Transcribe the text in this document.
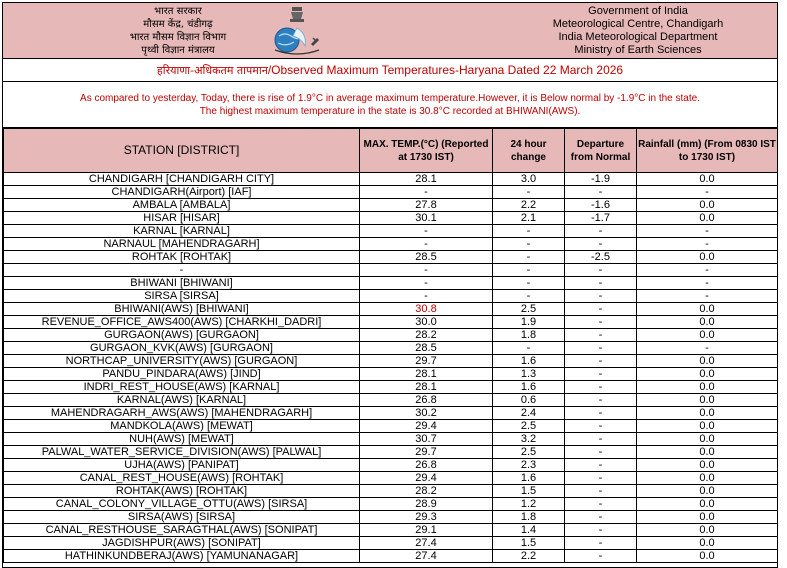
भारत सरकार
मौसम केंद्र, चंडीगढ़
भारत मौसम विज्ञान विभाग
पृथ्वी विज्ञान मंत्रालय
Government of India
Meteorological Centre, Chandigarh
India Meteorological Department
Ministry of Earth Sciences
हरियाणा-अधिकतम तापमान/Observed Maximum Temperatures-Haryana Dated 22 March 2026
As compared to yesterday, Today, there is rise of 1.9°C in average maximum temperature.However, it is Below normal by -1.9°C in the state.
The highest maximum temperature in the state is 30.8°C recorded at BHIWANI(AWS).
STATION [DISTRICT]	MAX. TEMP.(°C) (Reported at 1730 IST)	24 hour change	Departure from Normal	Rainfall (mm) (From 0830 IST to 1730 IST)
CHANDIGARH [CHANDIGARH CITY]	28.1	3.0	-1.9	0.0
CHANDIGARH(Airport) [IAF]	-	-	-	-
AMBALA [AMBALA]	27.8	2.2	-1.6	0.0
HISAR [HISAR]	30.1	2.1	-1.7	0.0
KARNAL [KARNAL]	-	-	-	-
NARNAUL [MAHENDRAGARH]	-	-	-	-
ROHTAK [ROHTAK]	28.5	-	-2.5	0.0
-	-	-	-	-
BHIWANI [BHIWANI]	-	-	-	-
SIRSA [SIRSA]	-	-	-	-
BHIWANI(AWS) [BHIWANI]	30.8	2.5	-	0.0
REVENUE_OFFICE_AWS400(AWS) [CHARKHI_DADRI]	30.0	1.9	-	0.0
GURGAON(AWS) [GURGAON]	28.2	1.8	-	0.0
GURGAON_KVK(AWS) [GURGAON]	28.5	-	-	-
NORTHCAP_UNIVERSITY(AWS) [GURGAON]	29.7	1.6	-	0.0
PANDU_PINDARA(AWS) [JIND]	28.1	1.3	-	0.0
INDRI_REST_HOUSE(AWS) [KARNAL]	28.1	1.6	-	0.0
KARNAL(AWS) [KARNAL]	26.8	0.6	-	0.0
MAHENDRAGARH_AWS(AWS) [MAHENDRAGARH]	30.2	2.4	-	0.0
MANDKOLA(AWS) [MEWAT]	29.4	2.5	-	0.0
NUH(AWS) [MEWAT]	30.7	3.2	-	0.0
PALWAL_WATER_SERVICE_DIVISION(AWS) [PALWAL]	29.7	2.5	-	0.0
UJHA(AWS) [PANIPAT]	26.8	2.3	-	0.0
CANAL_REST_HOUSE(AWS) [ROHTAK]	29.4	1.6	-	0.0
ROHTAK(AWS) [ROHTAK]	28.2	1.5	-	0.0
CANAL_COLONY_VILLAGE_OTTU(AWS) [SIRSA]	28.9	1.2	-	0.0
SIRSA(AWS) [SIRSA]	29.3	1.8	-	0.0
CANAL_RESTHOUSE_SARAGTHAL(AWS) [SONIPAT]	29.1	1.4	-	0.0
JAGDISHPUR(AWS) [SONIPAT]	27.4	1.5	-	0.0
HATHINKUNDBERAJ(AWS) [YAMUNANAGAR]	27.4	2.2	-	0.0
